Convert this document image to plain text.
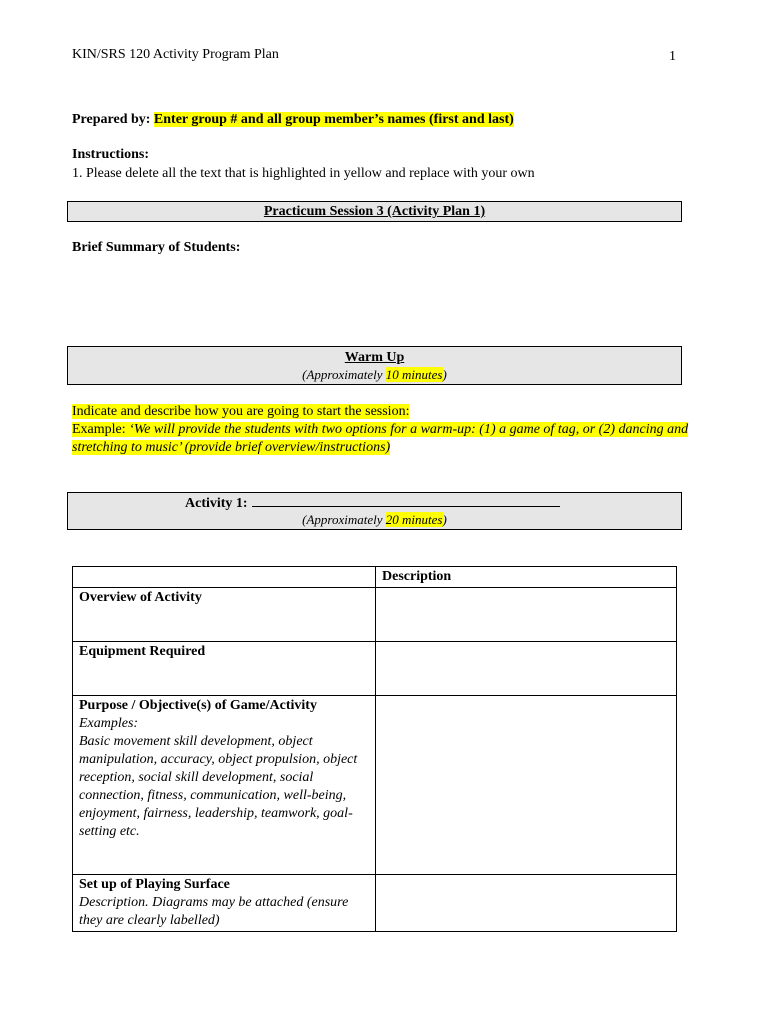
KIN/SRS 120 Activity Program Plan	1
Prepared by: Enter group # and all group member’s names (first and last)
Instructions:
1. Please delete all the text that is highlighted in yellow and replace with your own
Practicum Session 3 (Activity Plan 1)
Brief Summary of Students:
Warm Up
(Approximately 10 minutes)
Indicate and describe how you are going to start the session:
Example: ‘We will provide the students with two options for a warm-up: (1) a game of tag, or (2) dancing and stretching to music’ (provide brief overview/instructions)
Activity 1:
(Approximately 20 minutes)
	Description

Overview of Activity	

Equipment Required	

Purpose / Objective(s) of Game/Activity
Examples:
Basic movement skill development, object manipulation, accuracy, object propulsion, object reception, social skill development, social connection, fitness, communication, well-being, enjoyment, fairness, leadership, teamwork, goal-setting etc.	

Set up of Playing Surface
Description. Diagrams may be attached (ensure they are clearly labelled)	
